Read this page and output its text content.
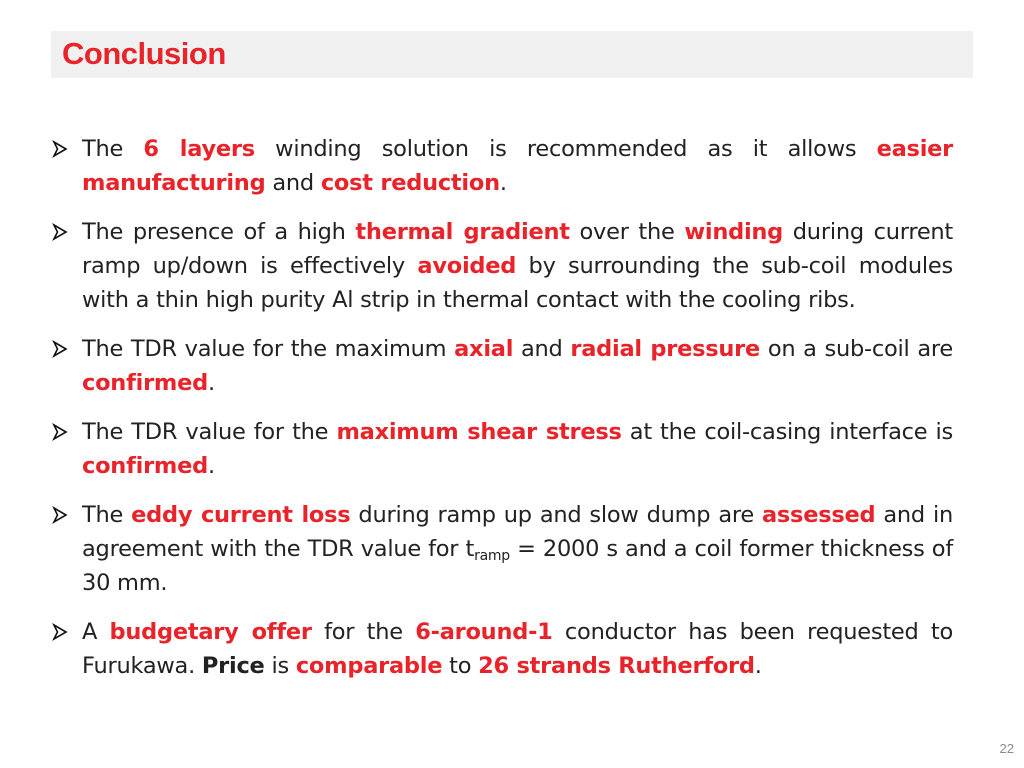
Conclusion
The 6 layers winding solution is recommended as it allows easier manufacturing and cost reduction.
The presence of a high thermal gradient over the winding during current ramp up/down is effectively avoided by surrounding the sub-coil modules with a thin high purity Al strip in thermal contact with the cooling ribs.
The TDR value for the maximum axial and radial pressure on a sub-coil are confirmed.
The TDR value for the maximum shear stress at the coil-casing interface is confirmed.
The eddy current loss during ramp up and slow dump are assessed and in agreement with the TDR value for $t_{ramp} = 2000$ s and a coil former thickness of 30 mm.
A budgetary offer for the 6-around-1 conductor has been requested to Furukawa. Price is comparable to 26 strands Rutherford.
22
